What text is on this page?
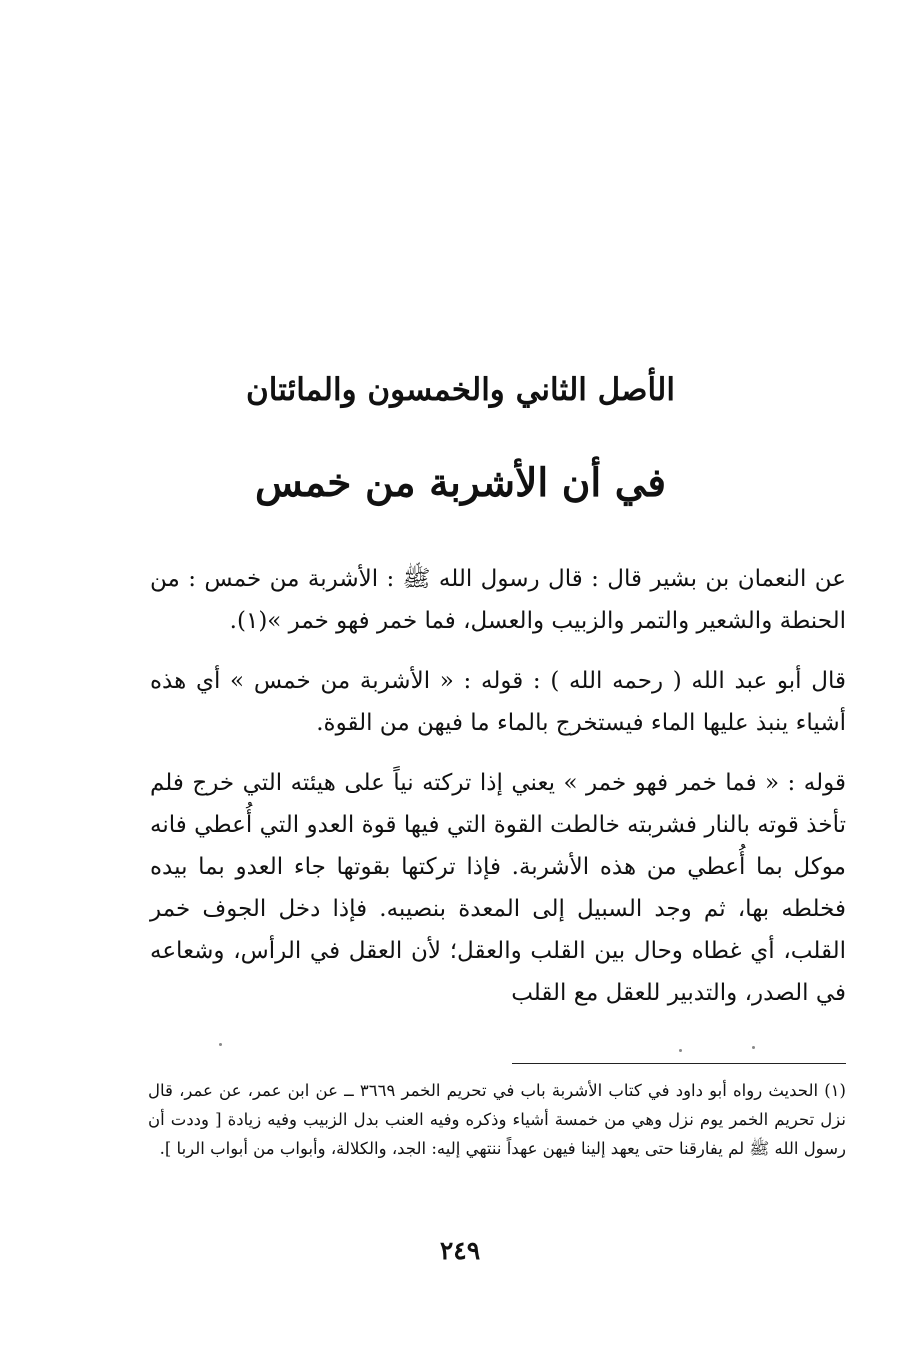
الأصل الثاني والخمسون والمائتان
في أن الأشربة من خمس

عن النعمان بن بشير قال : قال رسول الله ﷺ : الأشربة من خمس : من الحنطة والشعير والتمر والزبيب والعسل، فما خمر فهو خمر »(١).

قال أبو عبد الله ( رحمه الله ) : قوله : « الأشربة من خمس » أي هذه أشياء ينبذ عليها الماء فيستخرج بالماء ما فيهن من القوة.

قوله : « فما خمر فهو خمر » يعني إذا تركته نياً على هيئته التي خرج فلم تأخذ قوته بالنار فشربته خالطت القوة التي فيها قوة العدو التي أُعطي فانه موكل بما أُعطي من هذه الأشربة. فإذا تركتها بقوتها جاء العدو بما بيده فخلطه بها، ثم وجد السبيل إلى المعدة بنصيبه. فإذا دخل الجوف خمر القلب، أي غطاه وحال بين القلب والعقل؛ لأن العقل في الرأس، وشعاعه في الصدر، والتدبير للعقل مع القلب

(١) الحديث رواه أبو داود في كتاب الأشربة باب في تحريم الخمر ٣٦٦٩ ــ عن ابن عمر، عن عمر، قال نزل تحريم الخمر يوم نزل وهي من خمسة أشياء وذكره وفيه العنب بدل الزبيب وفيه زيادة [ وددت أن رسول الله ﷺ لم يفارقنا حتى يعهد إلينا فيهن عهداً ننتهي إليه: الجد، والكلالة، وأبواب من أبواب الربا ].

٢٤٩
